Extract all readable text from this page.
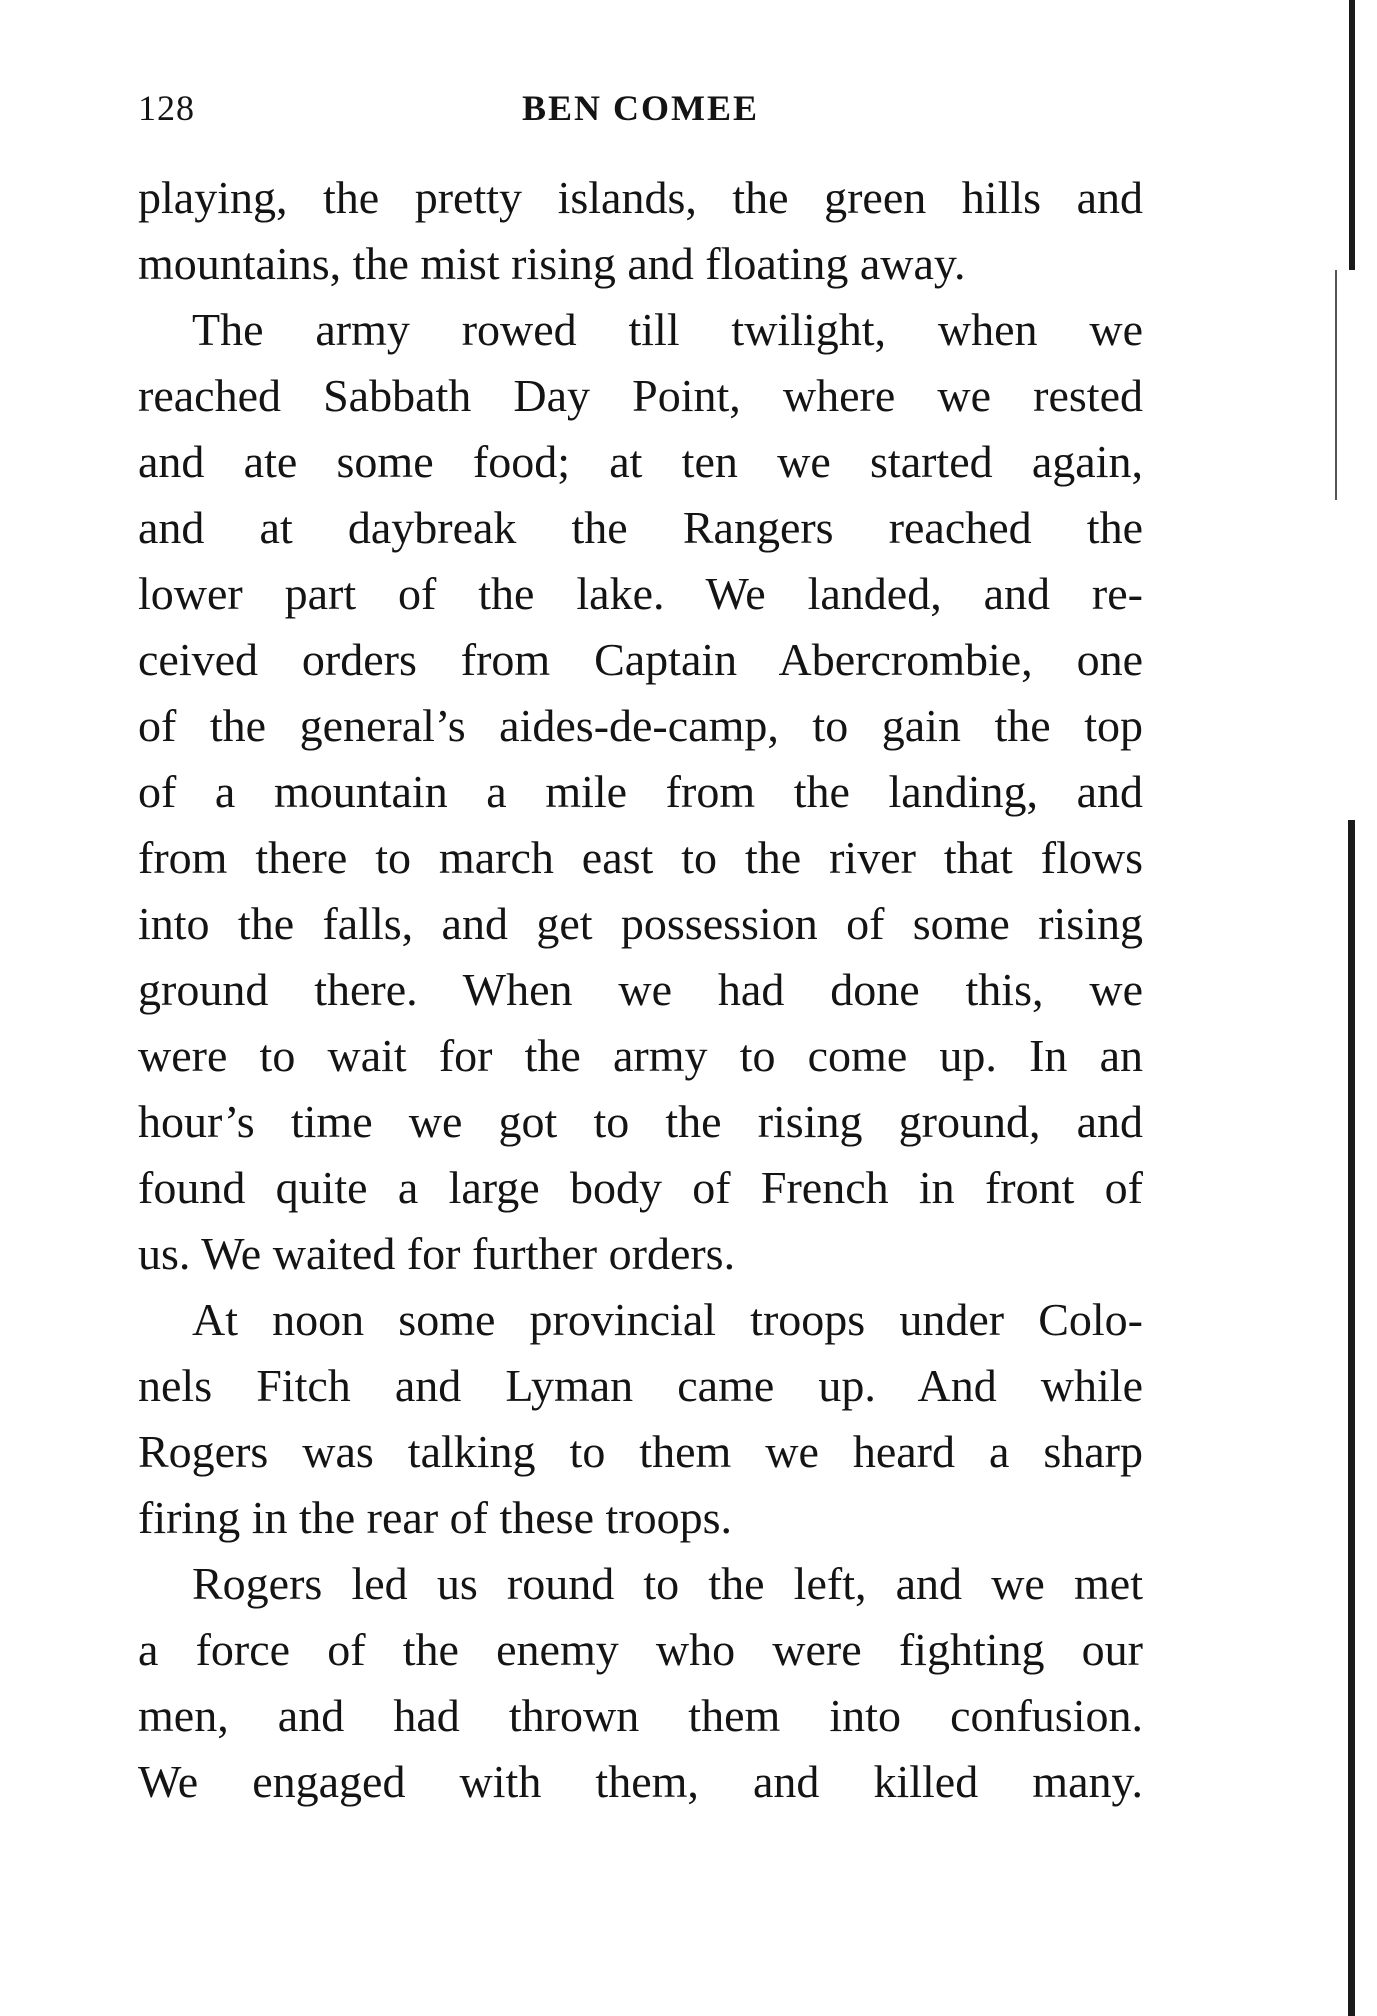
128	BEN COMEE
playing, the pretty islands, the green hills and
mountains, the mist rising and floating away.
The army rowed till twilight, when we
reached Sabbath Day Point, where we rested
and ate some food; at ten we started again,
and at daybreak the Rangers reached the
lower part of the lake. We landed, and re-
ceived orders from Captain Abercrombie, one
of the general’s aides-de-camp, to gain the top
of a mountain a mile from the landing, and
from there to march east to the river that flows
into the falls, and get possession of some rising
ground there. When we had done this, we
were to wait for the army to come up. In an
hour’s time we got to the rising ground, and
found quite a large body of French in front of
us. We waited for further orders.
At noon some provincial troops under Colo-
nels Fitch and Lyman came up. And while
Rogers was talking to them we heard a sharp
firing in the rear of these troops.
Rogers led us round to the left, and we met
a force of the enemy who were fighting our
men, and had thrown them into confusion.
We engaged with them, and killed many.
